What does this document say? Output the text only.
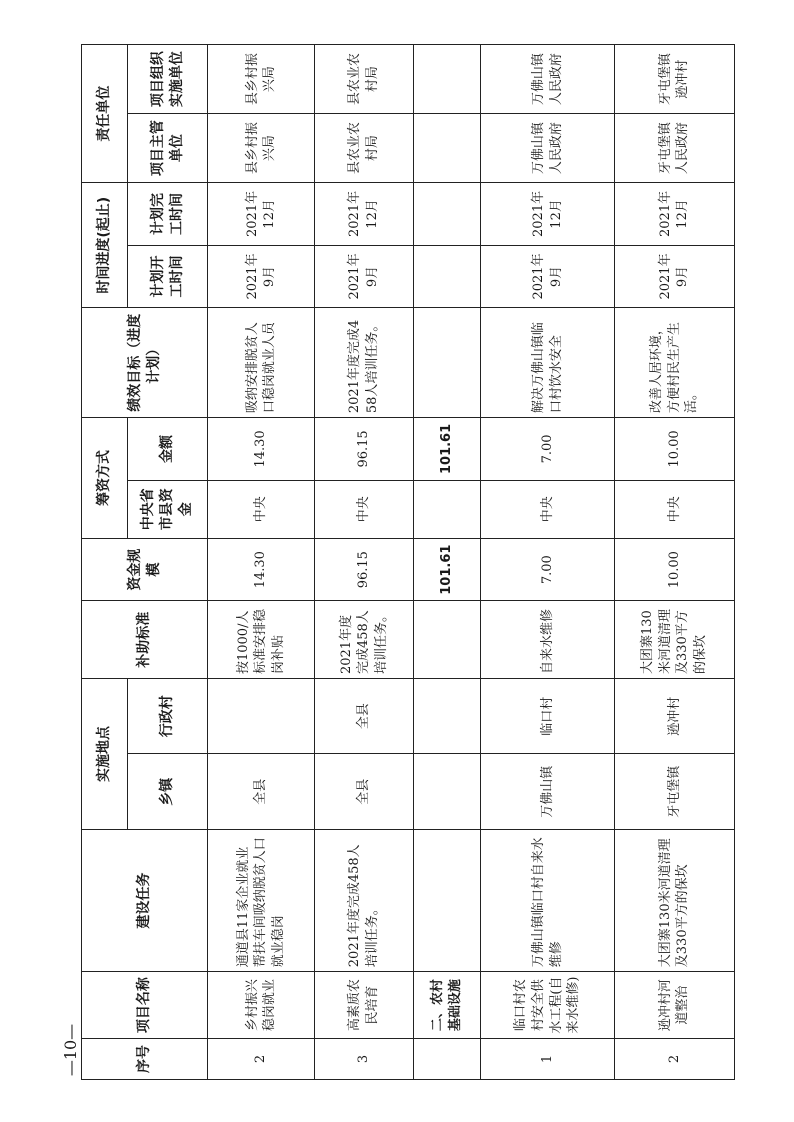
序号	项目名称	建设任务	实施地点		补助标准	资金规模	筹资方式		绩效目标（进度计划）	时间进度(起止)		责任单位	
			乡镇	行政村			中央省市县资金	金额		计划开工时间	计划完工时间	项目主管单位	项目组织实施单位
2	乡村振兴稳岗就业	通道县11家企业就业帮扶车间吸纳脱贫人口就业稳岗	全县		按1000/人标准安排稳岗补贴	14.30	中央	14.30	吸纳安排脱贫人口稳岗就业人员	2021年9月	2021年12月	县乡村振兴局	县乡村振兴局
3	高素质农民培育	2021年度完成458人培训任务。	全县	全县	2021年度完成458人培训任务。	96.15	中央	96.15	2021年度完成458人培训任务。	2021年9月	2021年12月	县农业农村局	县农业农村局
	二、农村基础设施					101.61		101.61					
1	临口村农村安全供水工程(自来水维修)	万佛山镇临口村自来水维修	万佛山镇	临口村	自来水维修	7.00	中央	7.00	解决万佛山镇临口村饮水安全	2021年9月	2021年12月	万佛山镇人民政府	万佛山镇人民政府
2	逊冲村河道整治	大团寨130米河道清理及330平方的保坎	牙屯堡镇	逊冲村	大团寨130米河道清理及330平方的保坎	10.00	中央	10.00	改善人居环境，方便村民生产生活。	2021年9月	2021年12月	牙屯堡镇人民政府	牙屯堡镇逊冲村
—10—
